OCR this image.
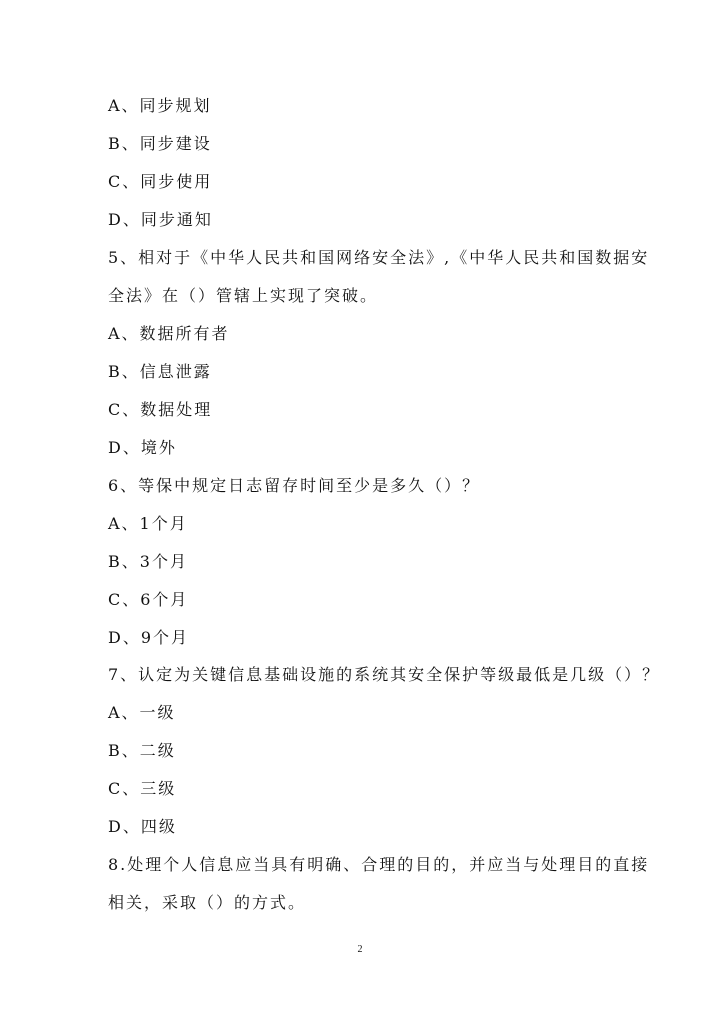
A、同步规划
B、同步建设
C、同步使用
D、同步通知
5、相对于《中华人民共和国网络安全法》,《中华人民共和国数据安
全法》在（）管辖上实现了突破。
A、数据所有者
B、信息泄露
C、数据处理
D、境外
6、等保中规定日志留存时间至少是多久（）？
A、1个月
B、3个月
C、6个月
D、9个月
7、认定为关键信息基础设施的系统其安全保护等级最低是几级（）？
A、一级
B、二级
C、三级
D、四级
8.处理个人信息应当具有明确、合理的目的，并应当与处理目的直接
相关，采取（）的方式。
2
